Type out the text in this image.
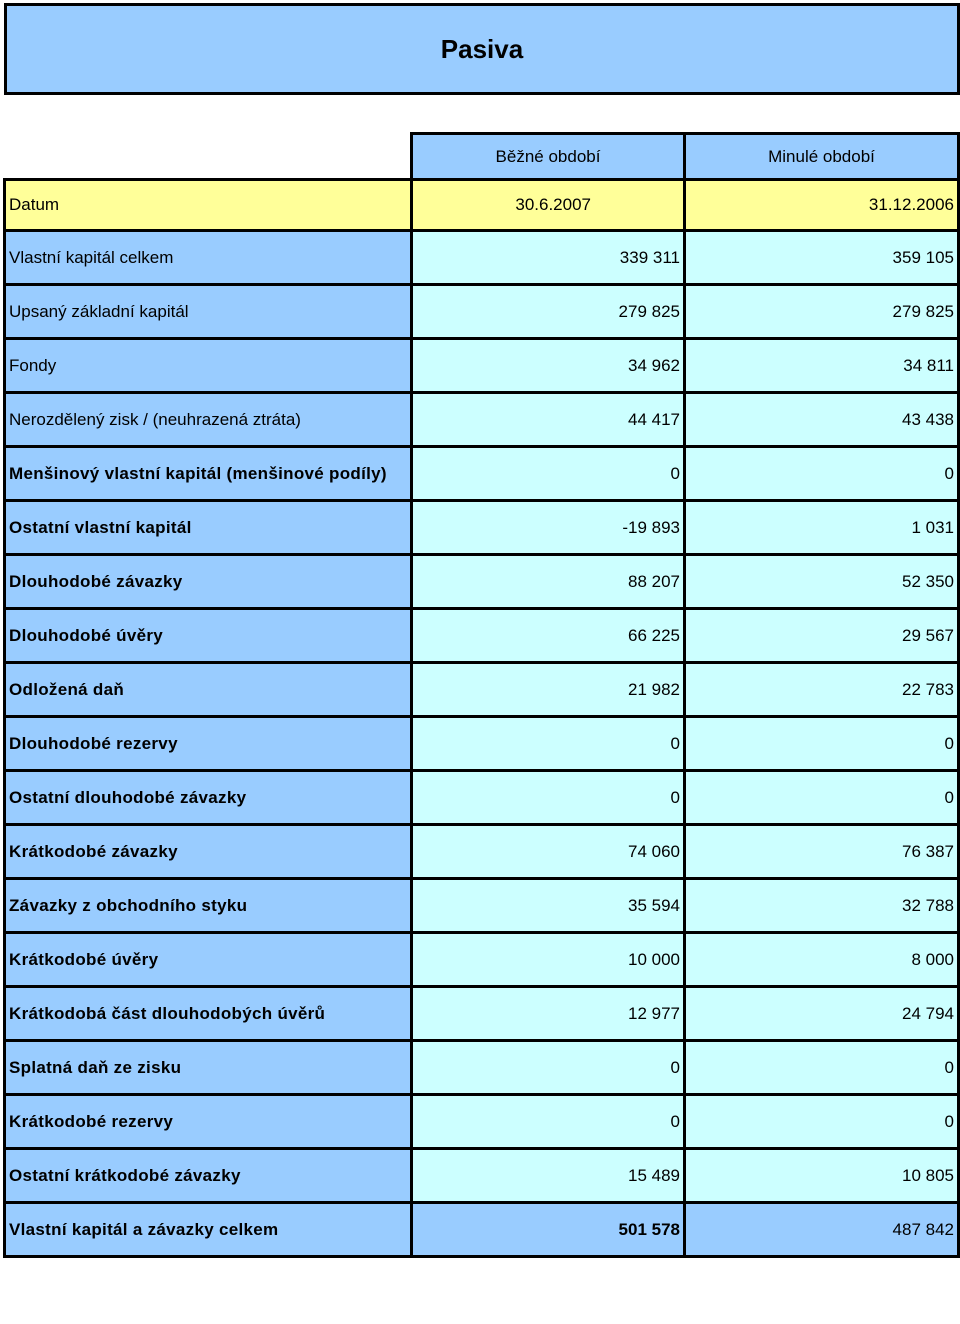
Pasiva
	Běžné období	Minulé období
Datum	30.6.2007	31.12.2006
Vlastní kapitál celkem	339 311	359 105
Upsaný základní kapitál	279 825	279 825
Fondy	34 962	34 811
Nerozdělený zisk / (neuhrazená ztráta)	44 417	43 438
Menšinový vlastní kapitál (menšinové podíly)	0	0
Ostatní vlastní kapitál	-19 893	1 031
Dlouhodobé závazky	88 207	52 350
Dlouhodobé úvěry	66 225	29 567
Odložená daň	21 982	22 783
Dlouhodobé rezervy	0	0
Ostatní dlouhodobé závazky	0	0
Krátkodobé závazky	74 060	76 387
Závazky z obchodního styku	35 594	32 788
Krátkodobé úvěry	10 000	8 000
Krátkodobá část dlouhodobých úvěrů	12 977	24 794
Splatná daň ze zisku	0	0
Krátkodobé rezervy	0	0
Ostatní krátkodobé závazky	15 489	10 805
Vlastní kapitál a závazky celkem	501 578	487 842
